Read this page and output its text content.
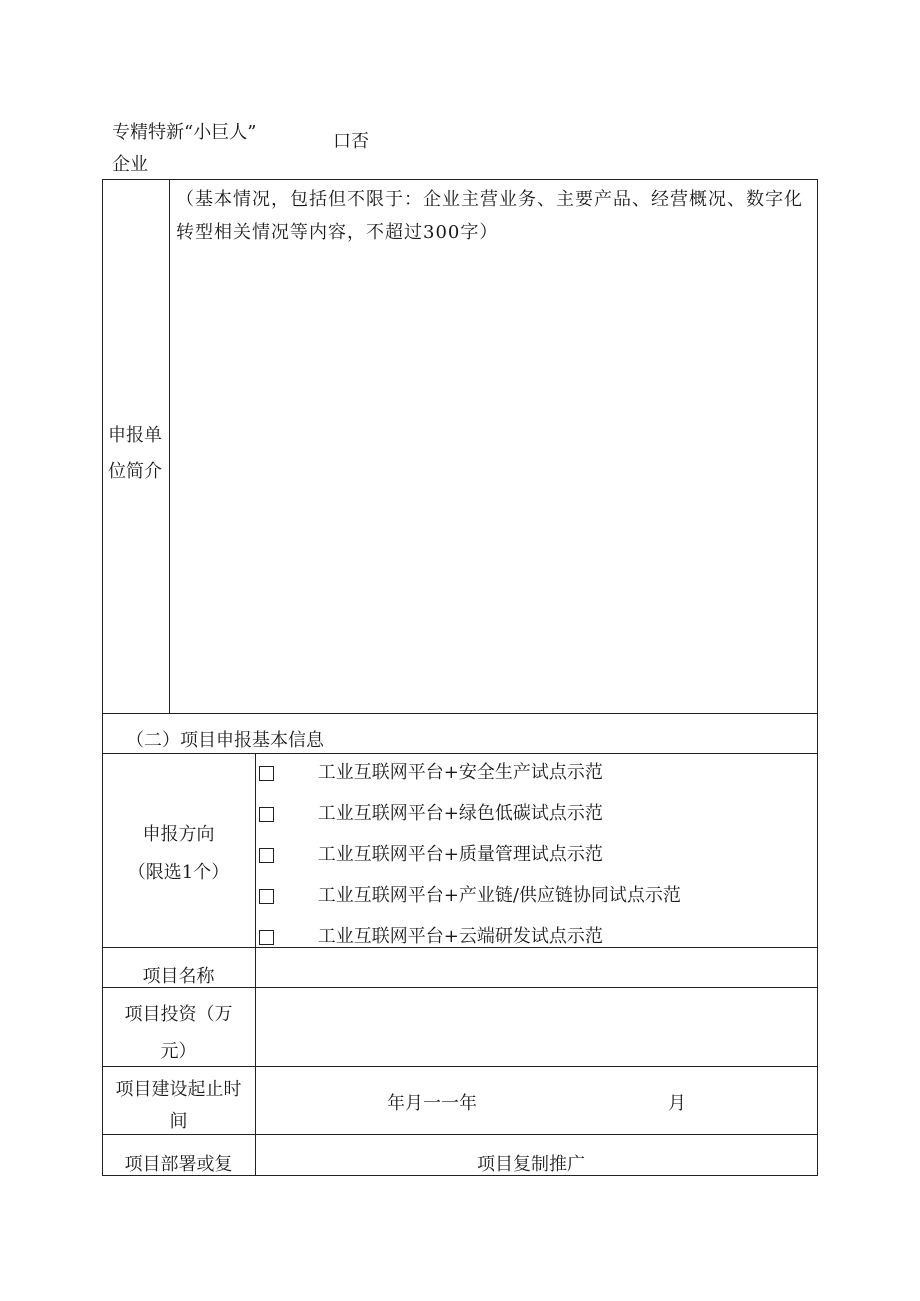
专精特新“小巨人”
企业
口否
申报单
位简介
（基本情况，包括但不限于：企业主营业务、主要产品、经营概况、数字化转型相关情况等内容，不超过300字）
（二）项目申报基本信息
申报方向
（限选1个）
工业互联网平台+安全生产试点示范
工业互联网平台+绿色低碳试点示范
工业互联网平台+质量管理试点示范
工业互联网平台+产业链/供应链协同试点示范
工业互联网平台+云端研发试点示范
项目名称
项目投资（万
元）
项目建设起止时
间
年月一一年	月
项目部署或复	项目复制推广
